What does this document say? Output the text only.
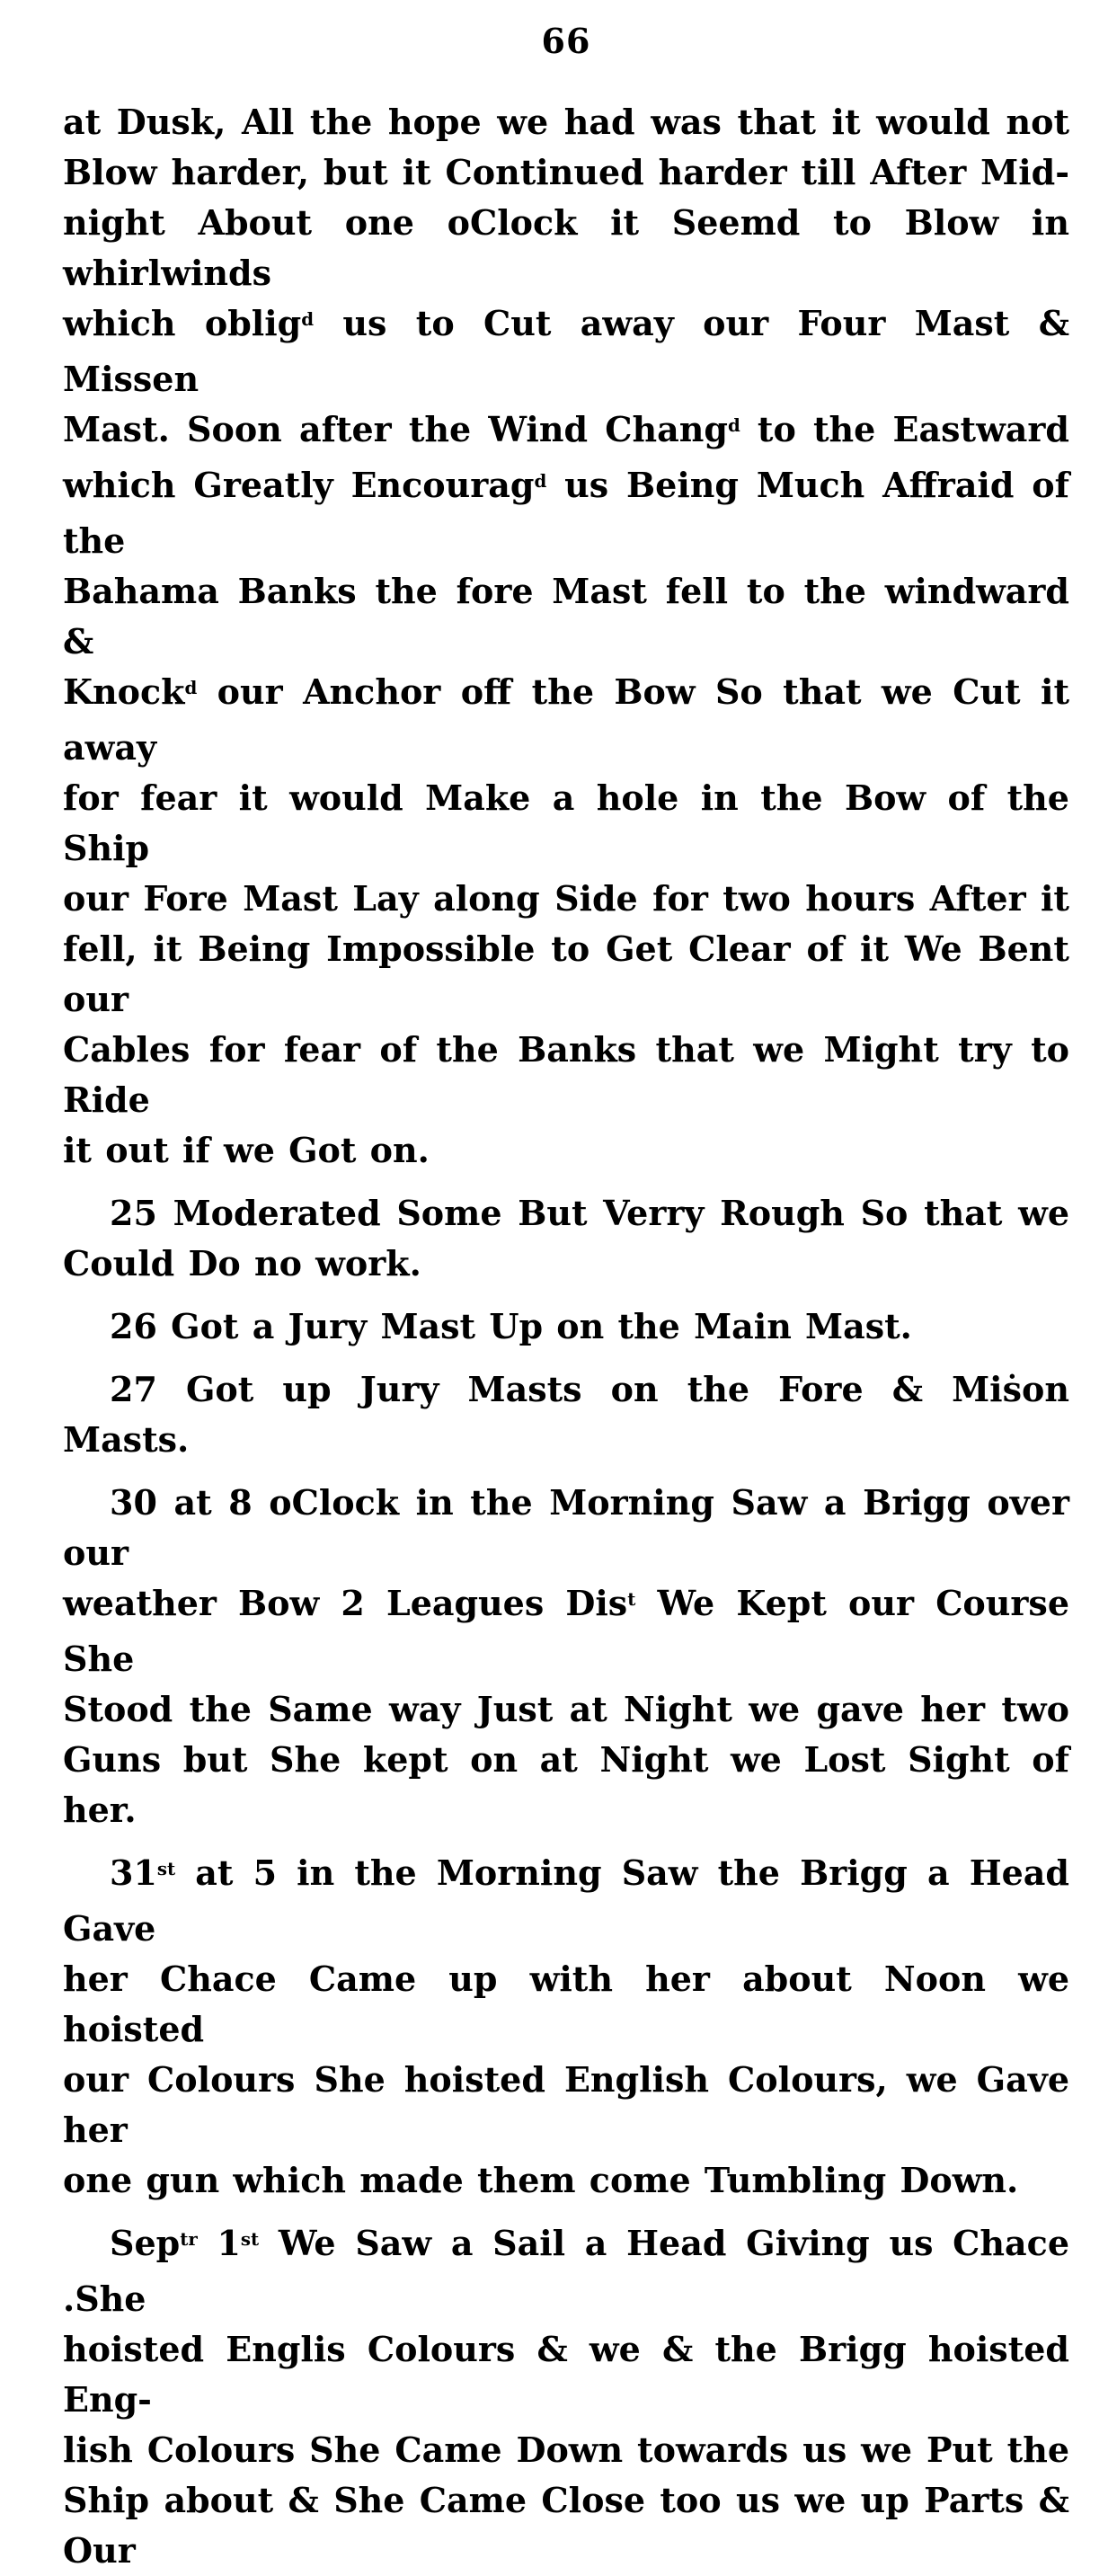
66
at Dusk, All the hope we had was that it would not
Blow harder, but it Continued harder till After Mid-
night About one oClock it Seemd to Blow in whirlwinds
which oblig$^d$ us to Cut away our Four Mast & Missen
Mast. Soon after the Wind Chang$^d$ to the Eastward
which Greatly Encourag$^d$ us Being Much Affraid of the
Bahama Banks the fore Mast fell to the windward &
Knock$^d$ our Anchor off the Bow So that we Cut it away
for fear it would Make a hole in the Bow of the Ship
our Fore Mast Lay along Side for two hours After it
fell, it Being Impossible to Get Clear of it We Bent our
Cables for fear of the Banks that we Might try to Ride
it out if we Got on.
25 Moderated Some But Verry Rough So that we
Could Do no work.
26 Got a Jury Mast Up on the Main Mast.
27 Got up Jury Masts on the Fore & Miṡon Masts.
30 at 8 oClock in the Morning Saw a Brigg over our
weather Bow 2 Leagues Dis$^t$ We Kept our Course She
Stood the Same way Just at Night we gave her two
Guns but She kept on at Night we Lost Sight of her.
31st at 5 in the Morning Saw the Brigg a Head Gave
her Chace Came up with her about Noon we hoisted
our Colours She hoisted English Colours, we Gave her
one gun which made them come Tumbling Down.
Sep$^{tr}$ 1st We Saw a Sail a Head Giving us Chace .She
hoisted Englis Colours & we & the Brigg hoisted Eng-
lish Colours She Came Down towards us we Put the
Ship about & She Came Close too us we up Parts & Our
